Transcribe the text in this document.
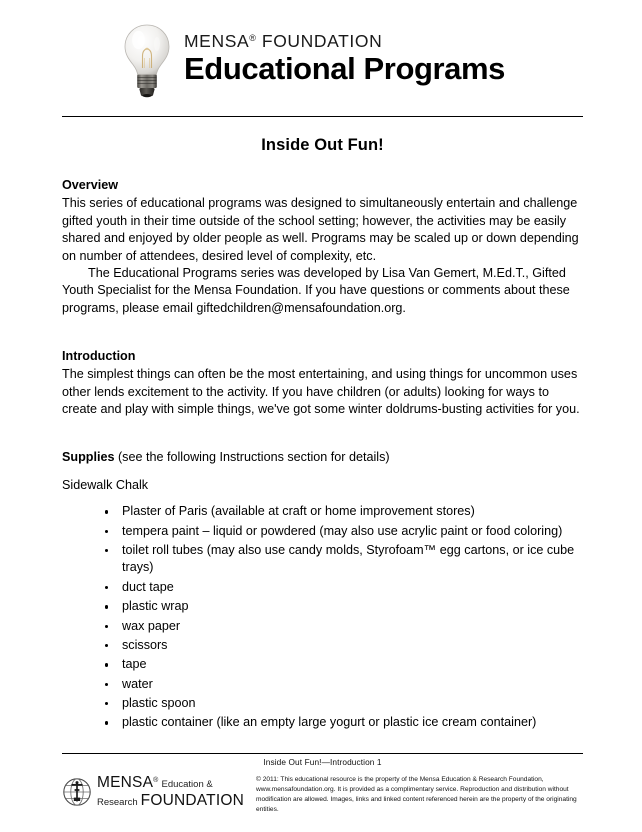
MENSA® FOUNDATION
Educational Programs
Inside Out Fun!
Overview

This series of educational programs was designed to simultaneously entertain and challenge gifted youth in their time outside of the school setting; however, the activities may be easily shared and enjoyed by older people as well. Programs may be scaled up or down depending on number of attendees, desired level of complexity, etc.

The Educational Programs series was developed by Lisa Van Gemert, M.Ed.T., Gifted Youth Specialist for the Mensa Foundation. If you have questions or comments about these programs, please email giftedchildren@mensafoundation.org.

Introduction

The simplest things can often be the most entertaining, and using things for uncommon uses other lends excitement to the activity. If you have children (or adults) looking for ways to create and play with simple things, we've got some winter doldrums-busting activities for you.

Supplies (see the following Instructions section for details)

Sidewalk Chalk

Plaster of Paris (available at craft or home improvement stores)
tempera paint – liquid or powdered (may also use acrylic paint or food coloring)
toilet roll tubes (may also use candy molds, Styrofoam™ egg cartons, or ice cube trays)
duct tape
plastic wrap
wax paper
scissors
tape
water
plastic spoon
plastic container (like an empty large yogurt or plastic ice cream container)
Inside Out Fun!—Introduction 1
MENSA® Education &
Research FOUNDATION

© 2011: This educational resource is the property of the Mensa Education & Research Foundation, www.mensafoundation.org. It is provided as a complimentary service. Reproduction and distribution without modification are allowed. Images, links and linked content referenced herein are the property of the originating entities.
